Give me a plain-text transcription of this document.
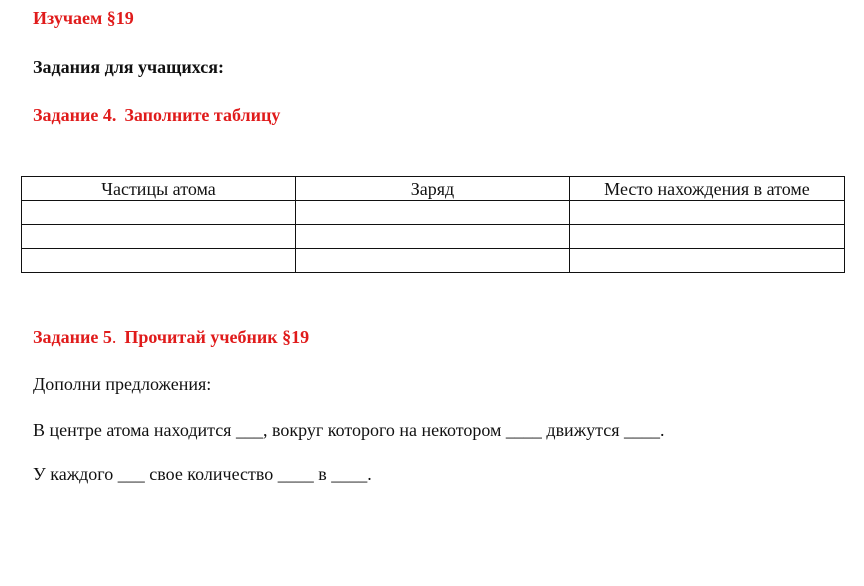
Изучаем §19
Задания для учащихся:
Задание 4. Заполните таблицу
Частицы атома	Заряд	Место нахождения в атоме

Задание 5. Прочитай учебник §19
Дополни предложения:
В центре атома находится ___, вокруг которого на некотором ____ движутся ____.
У каждого ___ свое количество ____ в ____.
